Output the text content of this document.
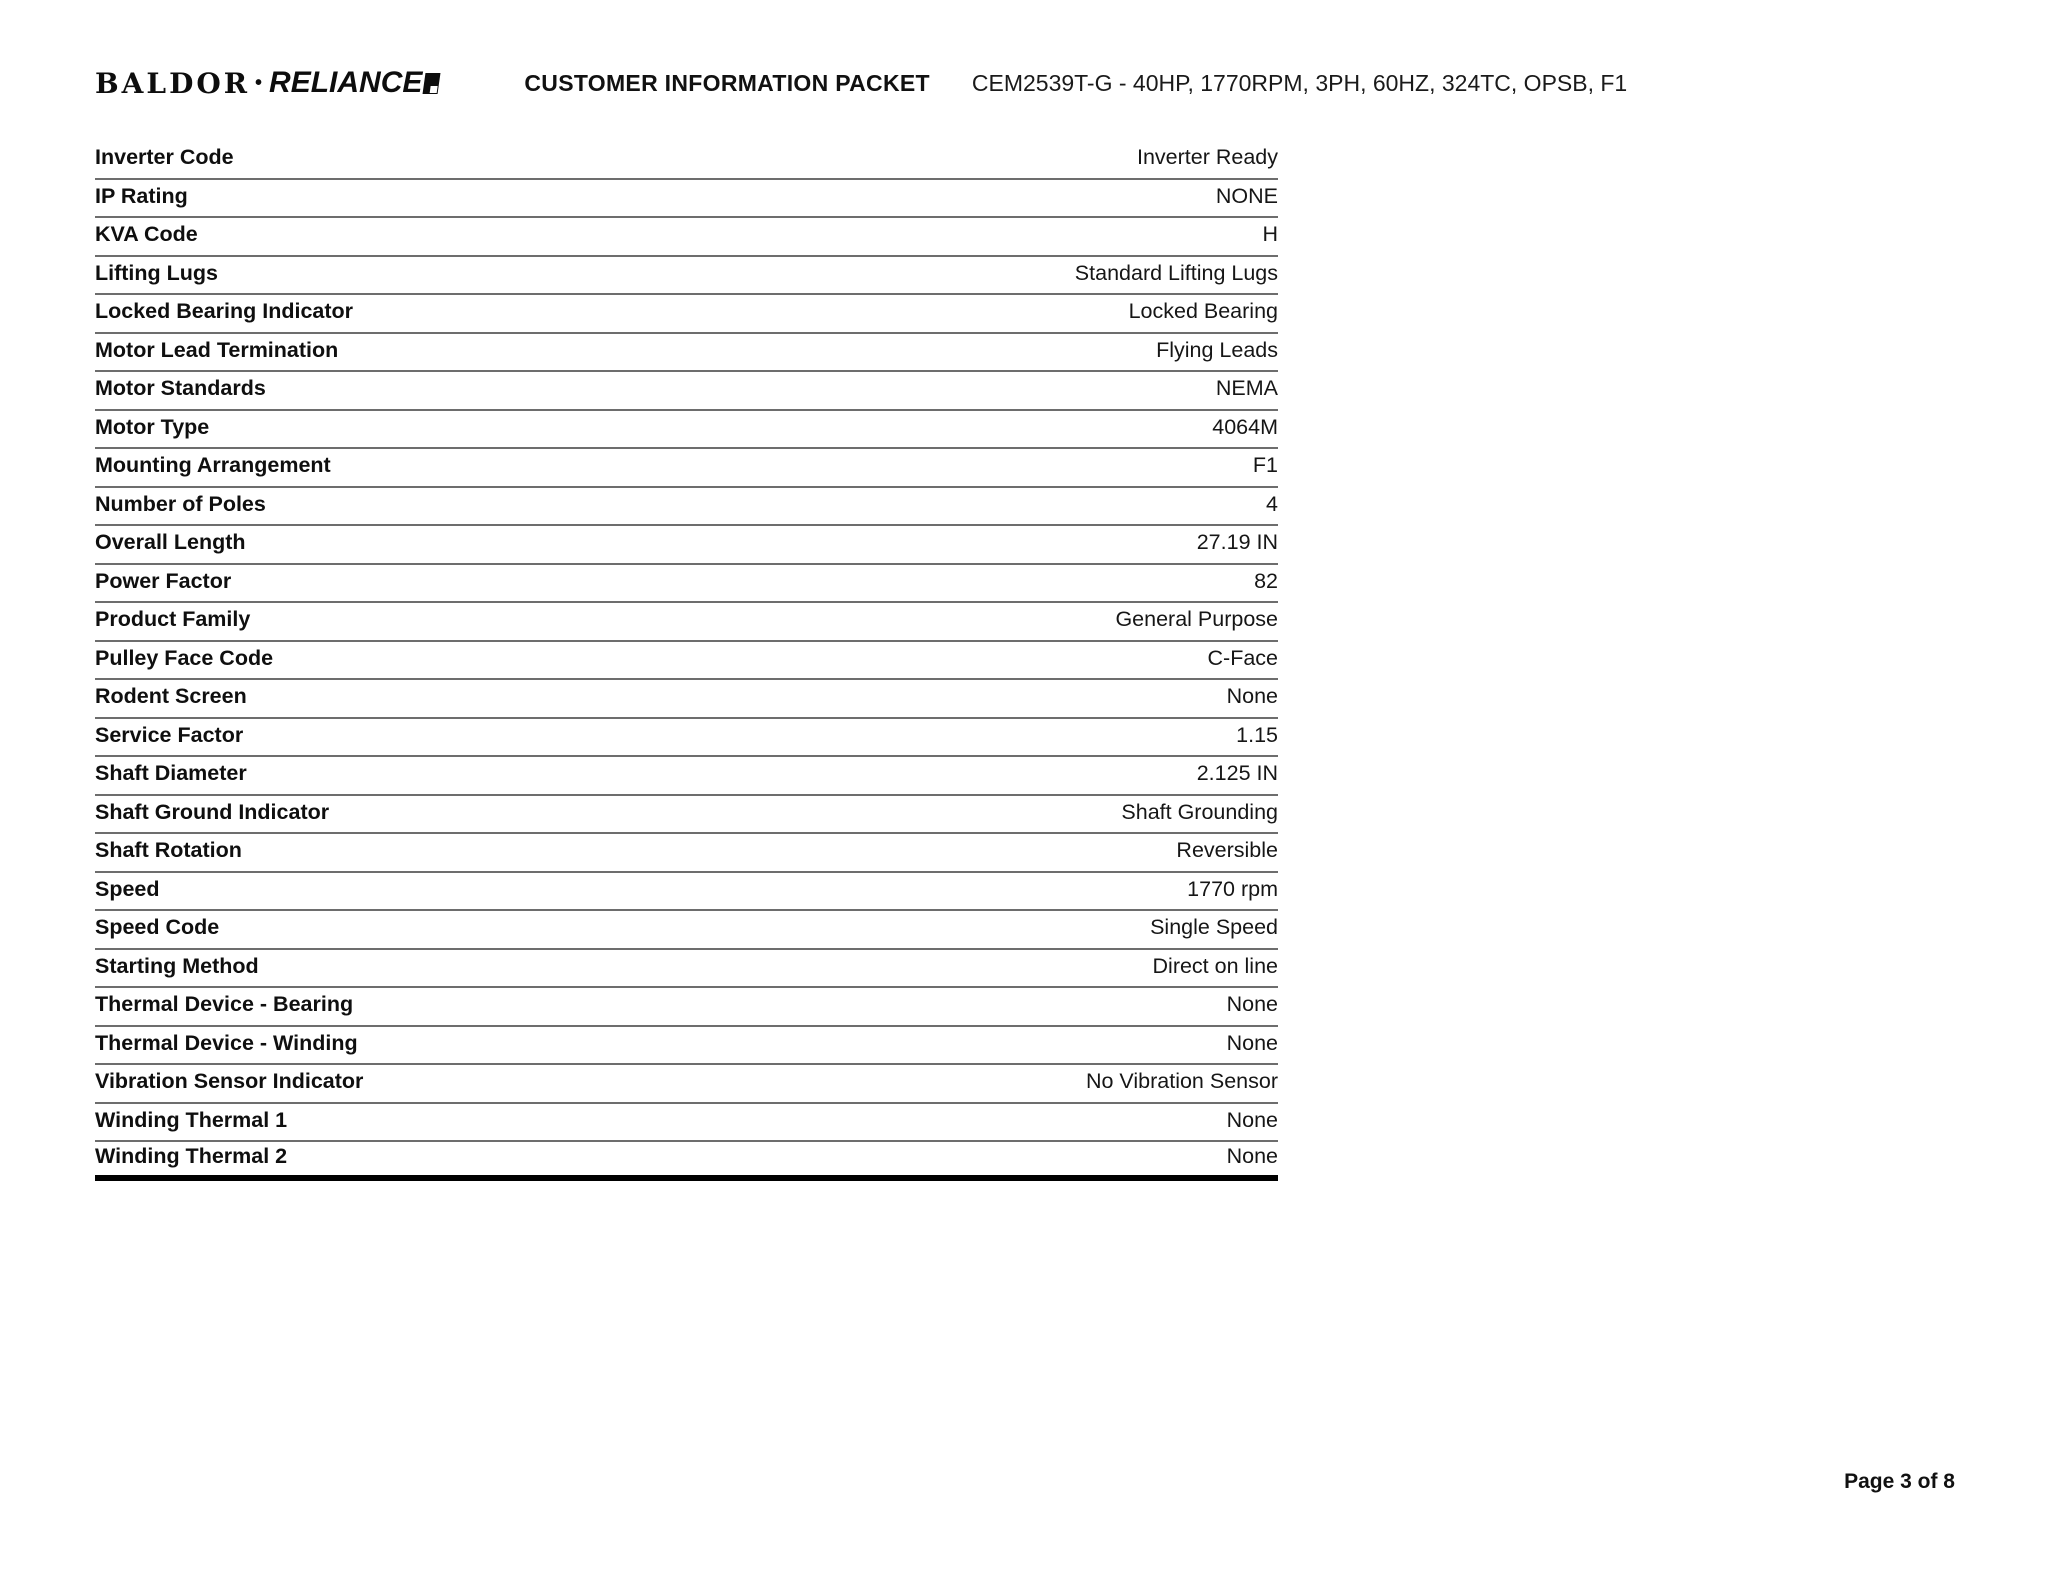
BALDOR • RELIANCE	CUSTOMER INFORMATION PACKET CEM2539T-G - 40HP, 1770RPM, 3PH, 60HZ, 324TC, OPSB, F1
Inverter Code	Inverter Ready
IP Rating	NONE
KVA Code	H
Lifting Lugs	Standard Lifting Lugs
Locked Bearing Indicator	Locked Bearing
Motor Lead Termination	Flying Leads
Motor Standards	NEMA
Motor Type	4064M
Mounting Arrangement	F1
Number of Poles	4
Overall Length	27.19 IN
Power Factor	82
Product Family	General Purpose
Pulley Face Code	C-Face
Rodent Screen	None
Service Factor	1.15
Shaft Diameter	2.125 IN
Shaft Ground Indicator	Shaft Grounding
Shaft Rotation	Reversible
Speed	1770 rpm
Speed Code	Single Speed
Starting Method	Direct on line
Thermal Device - Bearing	None
Thermal Device - Winding	None
Vibration Sensor Indicator	No Vibration Sensor
Winding Thermal 1	None
Winding Thermal 2	None
Page 3 of 8
